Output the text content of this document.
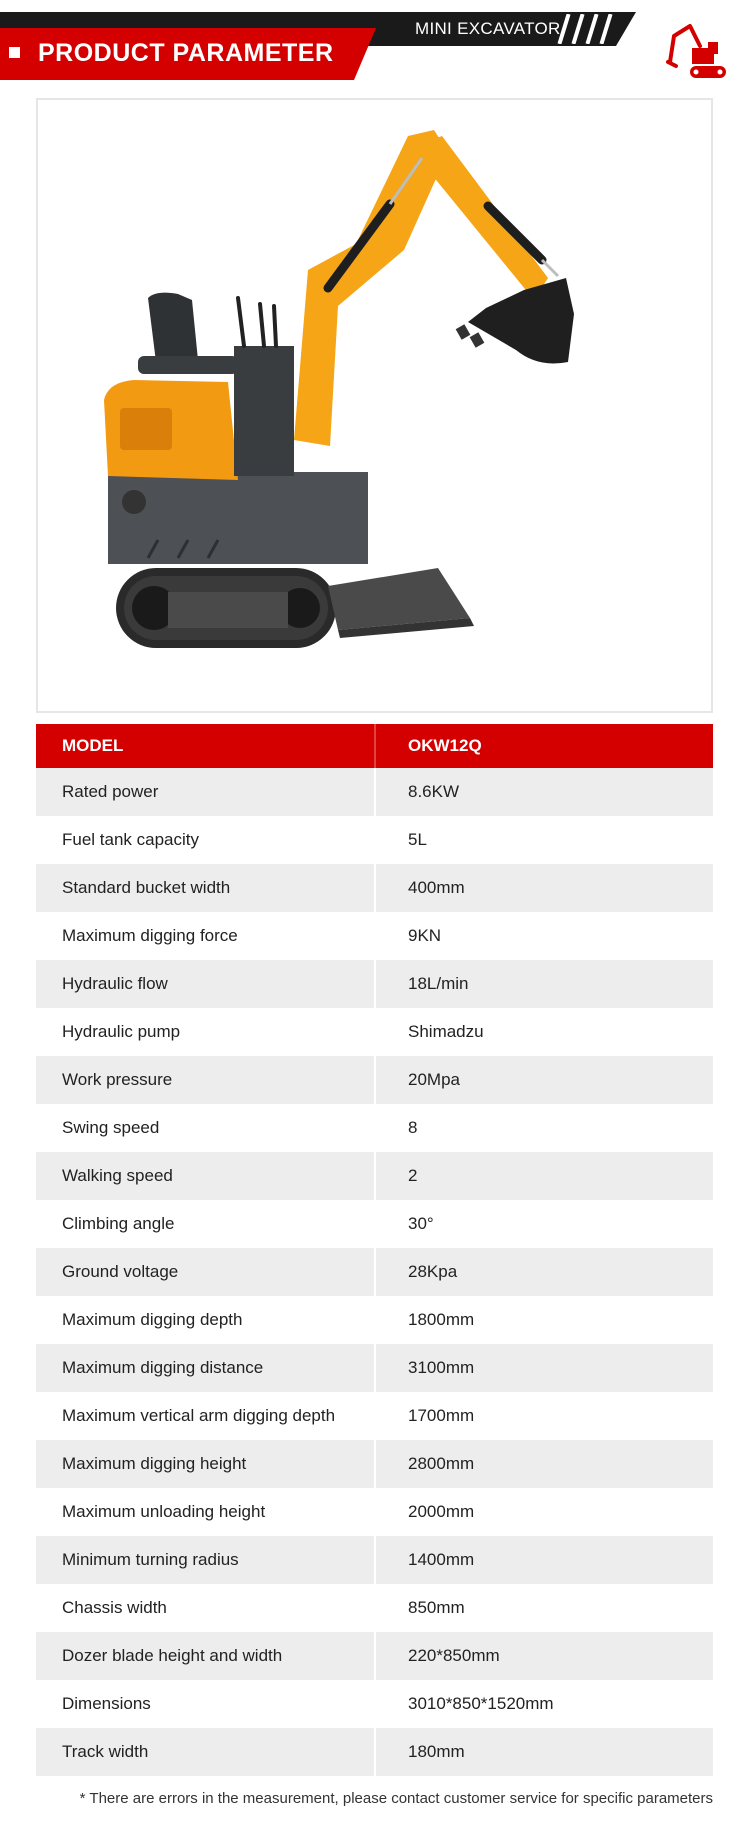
PRODUCT PARAMETER
MINI EXCAVATOR
MODEL	OKW12Q
Rated power	8.6KW
Fuel tank capacity	5L
Standard bucket width	400mm
Maximum digging force	9KN
Hydraulic flow	18L/min
Hydraulic pump	Shimadzu
Work pressure	20Mpa
Swing speed	8
Walking speed	2
Climbing angle	30°
Ground voltage	28Kpa
Maximum digging depth	1800mm
Maximum digging distance	3100mm
Maximum vertical arm digging depth	1700mm
Maximum digging height	2800mm
Maximum unloading height	2000mm
Minimum turning radius	1400mm
Chassis width	850mm
Dozer blade height and width	220*850mm
Dimensions	3010*850*1520mm
Track width	180mm
* There are errors in the measurement, please contact customer service for specific parameters
